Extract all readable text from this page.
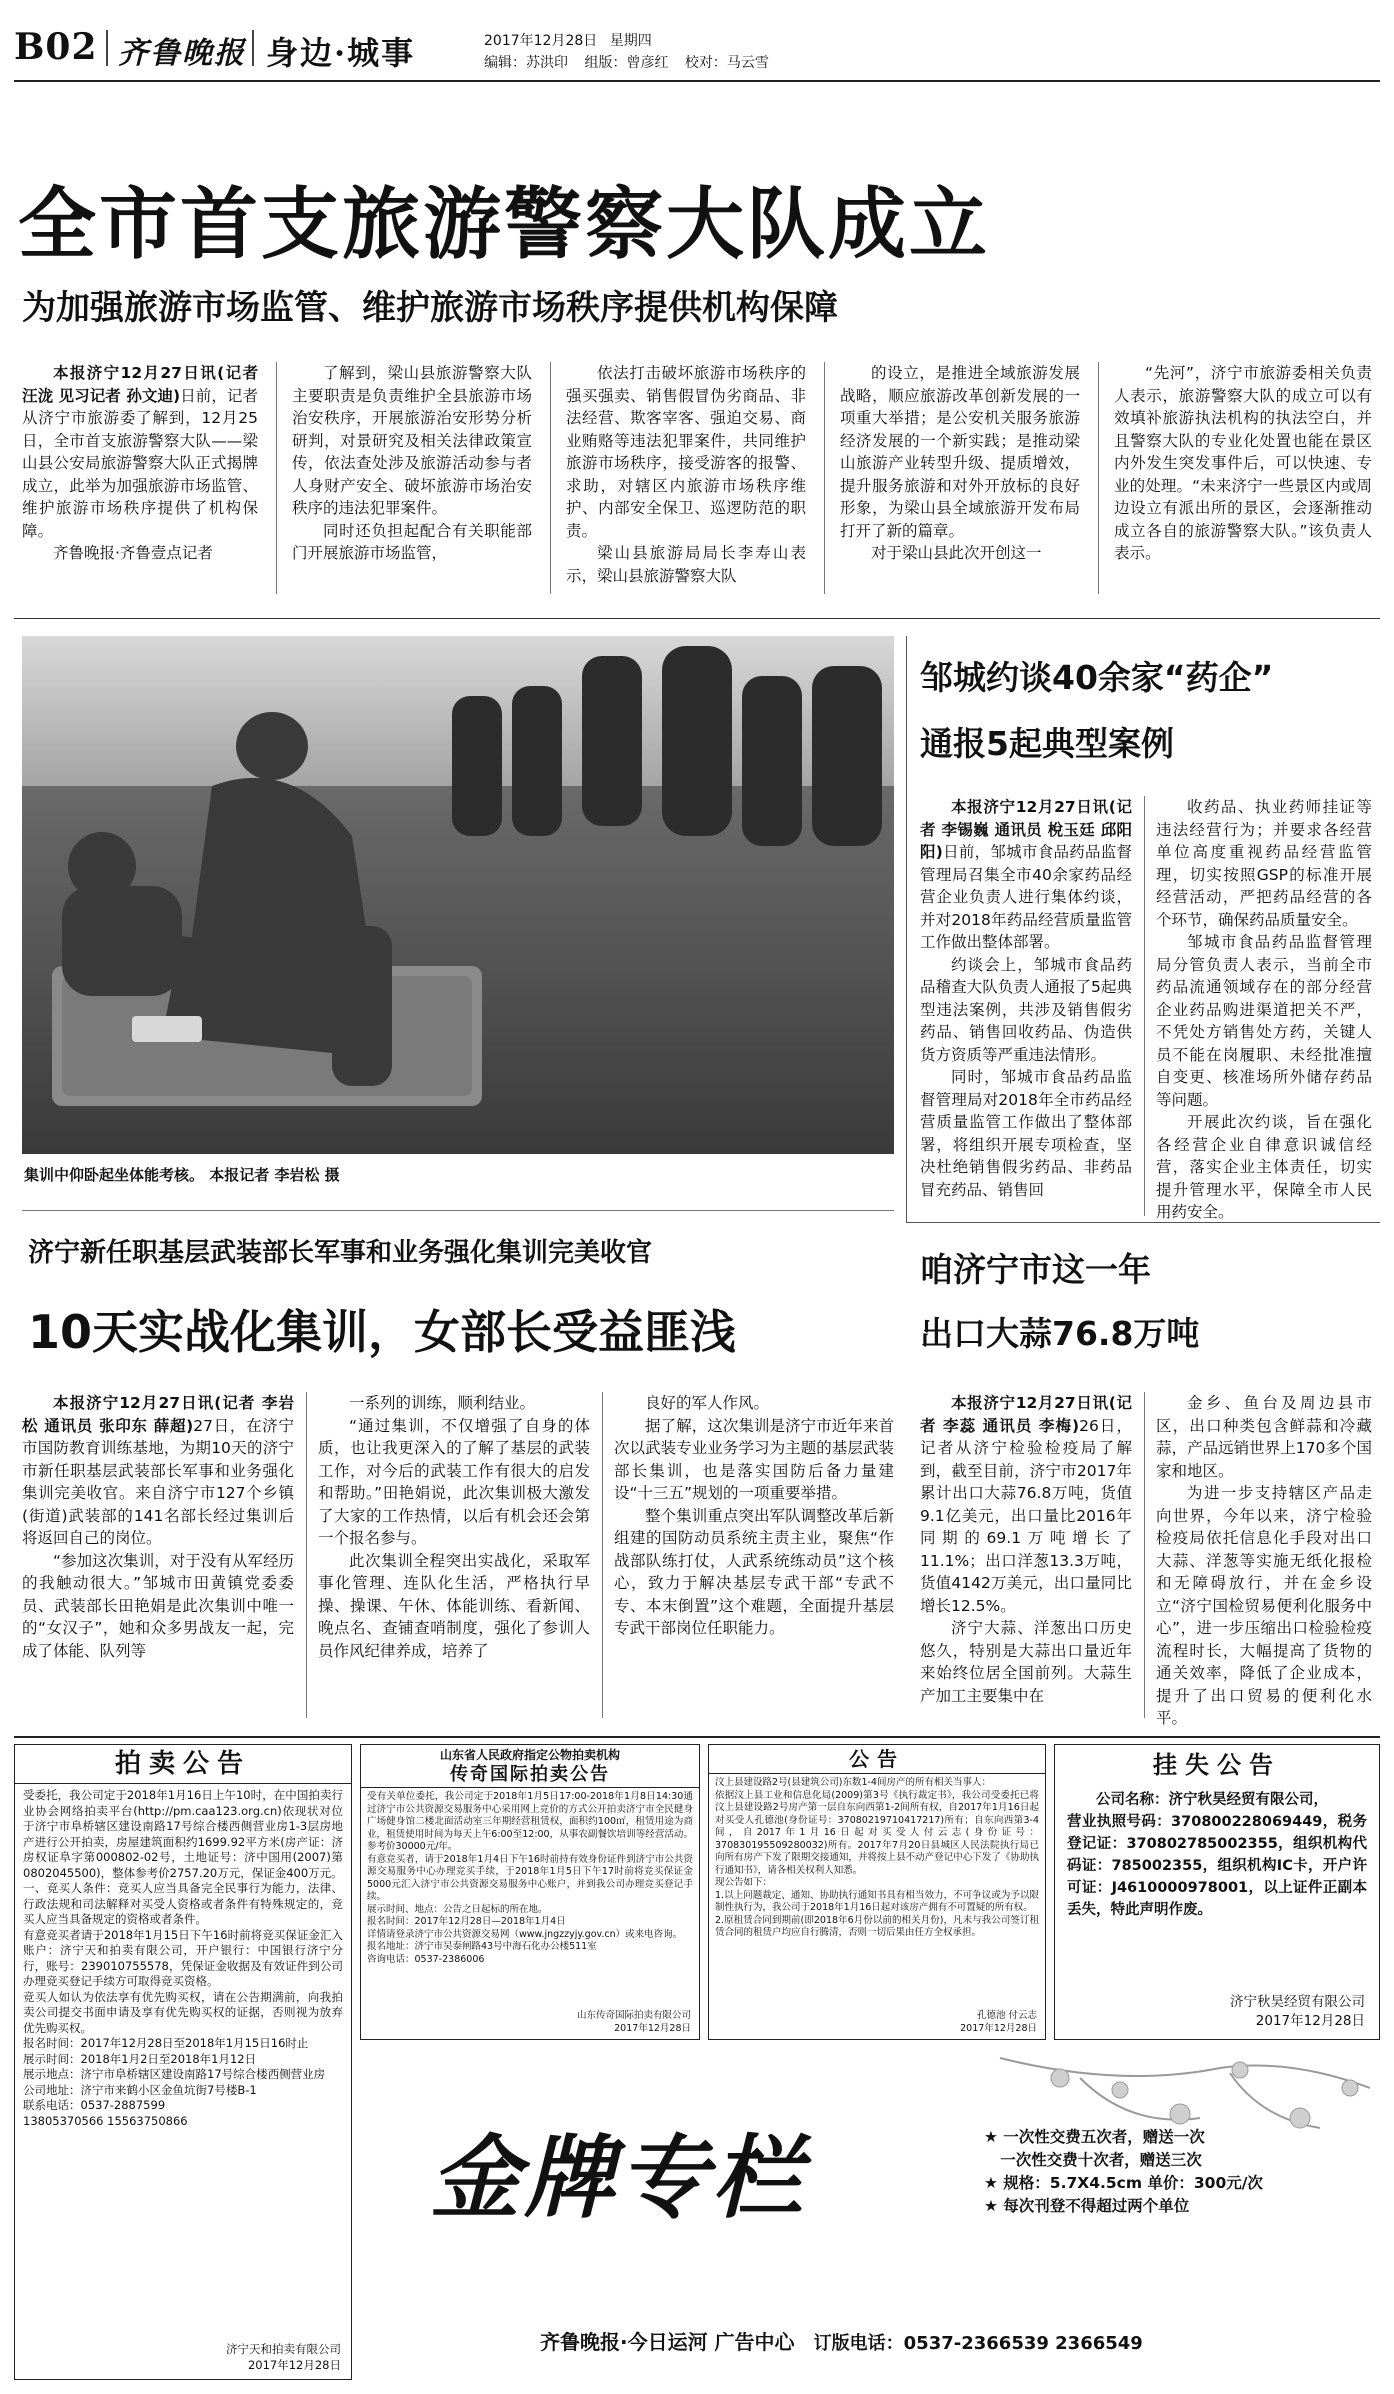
B02 齐鲁晚报 身边·城事	2017年12月28日 星期四
编辑：苏洪印 组版：曾彦红 校对：马云雪
全市首支旅游警察大队成立
为加强旅游市场监管、维护旅游市场秩序提供机构保障

本报济宁12月27日讯(记者 汪泷 见习记者 孙文迪)日前，记者从济宁市旅游委了解到，12月25日，全市首支旅游警察大队——梁山县公安局旅游警察大队正式揭牌成立，此举为加强旅游市场监管、维护旅游市场秩序提供了机构保障。

齐鲁晚报·齐鲁壹点记者

了解到，梁山县旅游警察大队主要职责是负责维护全县旅游市场治安秩序，开展旅游治安形势分析研判，对景研究及相关法律政策宣传，依法查处涉及旅游活动参与者人身财产安全、破坏旅游市场治安秩序的违法犯罪案件。

同时还负担起配合有关职能部门开展旅游市场监管，

依法打击破坏旅游市场秩序的强买强卖、销售假冒伪劣商品、非法经营、欺客宰客、强迫交易、商业贿赂等违法犯罪案件，共同维护旅游市场秩序，接受游客的报警、求助，对辖区内旅游市场秩序维护、内部安全保卫、巡逻防范的职责。

梁山县旅游局局长李寿山表示，梁山县旅游警察大队

的设立，是推进全域旅游发展战略，顺应旅游改革创新发展的一项重大举措；是公安机关服务旅游经济发展的一个新实践；是推动梁山旅游产业转型升级、提质增效，提升服务旅游和对外开放标的良好形象，为梁山县全域旅游开发布局打开了新的篇章。

对于梁山县此次开创这一

“先河”，济宁市旅游委相关负责人表示，旅游警察大队的成立可以有效填补旅游执法机构的执法空白，并且警察大队的专业化处置也能在景区内外发生突发事件后，可以快速、专业的处理。“未来济宁一些景区内或周边设立有派出所的景区，会逐渐推动成立各自的旅游警察大队。”该负责人表示。

集训中仰卧起坐体能考核。 本报记者 李岩松 摄
邹城约谈40余家“药企”
通报5起典型案例

本报济宁12月27日讯(记者 李锡巍 通讯员 梲玉廷 邱阳阳)日前，邹城市食品药品监督管理局召集全市40余家药品经营企业负责人进行集体约谈，并对2018年药品经营质量监管工作做出整体部署。

约谈会上，邹城市食品药品稽查大队负责人通报了5起典型违法案例，共涉及销售假劣药品、销售回收药品、伪造供货方资质等严重违法情形。

同时，邹城市食品药品监督管理局对2018年全市药品经营质量监管工作做出了整体部署，将组织开展专项检查，坚决杜绝销售假劣药品、非药品冒充药品、销售回

收药品、执业药师挂证等违法经营行为；并要求各经营单位高度重视药品经营监管理，切实按照GSP的标准开展经营活动，严把药品经营的各个环节，确保药品质量安全。

邹城市食品药品监督管理局分管负责人表示，当前全市药品流通领域存在的部分经营企业药品购进渠道把关不严，不凭处方销售处方药，关键人员不能在岗履职、未经批准擅自变更、核准场所外储存药品等问题。

开展此次约谈，旨在强化各经营企业自律意识诚信经营，落实企业主体责任，切实提升管理水平，保障全市人民用药安全。

济宁新任职基层武装部长军事和业务强化集训完美收官
10天实战化集训，女部长受益匪浅

本报济宁12月27日讯(记者 李岩松 通讯员 张印东 薛超)27日，在济宁市国防教育训练基地，为期10天的济宁市新任职基层武装部长军事和业务强化集训完美收官。来自济宁市127个乡镇(街道)武装部的141名部长经过集训后将返回自己的岗位。

“参加这次集训，对于没有从军经历的我触动很大。”邹城市田黄镇党委委员、武装部长田艳娟是此次集训中唯一的“女汉子”，她和众多男战友一起，完成了体能、队列等

一系列的训练，顺利结业。

“通过集训，不仅增强了自身的体质，也让我更深入的了解了基层的武装工作，对今后的武装工作有很大的启发和帮助。”田艳娟说，此次集训极大激发了大家的工作热情，以后有机会还会第一个报名参与。

此次集训全程突出实战化，采取军事化管理、连队化生活，严格执行早操、操课、午休、体能训练、看新闻、晚点名、查铺查哨制度，强化了参训人员作风纪律养成，培养了

良好的军人作风。

据了解，这次集训是济宁市近年来首次以武装专业业务学习为主题的基层武装部长集训，也是落实国防后备力量建设“十三五”规划的一项重要举措。

整个集训重点突出军队调整改革后新组建的国防动员系统主责主业，聚焦“作战部队练打仗，人武系统练动员”这个核心，致力于解决基层专武干部“专武不专、本末倒置”这个难题，全面提升基层专武干部岗位任职能力。

咱济宁市这一年
出口大蒜76.8万吨

本报济宁12月27日讯(记者 李蕊 通讯员 李梅)26日，记者从济宁检验检疫局了解到，截至目前，济宁市2017年累计出口大蒜76.8万吨，货值9.1亿美元，出口量比2016年同期的69.1万吨增长了11.1%；出口洋葱13.3万吨，货值4142万美元，出口量同比增长12.5%。

济宁大蒜、洋葱出口历史悠久，特别是大蒜出口量近年来始终位居全国前列。大蒜生产加工主要集中在

金乡、鱼台及周边县市区，出口种类包含鲜蒜和冷藏蒜，产品远销世界上170多个国家和地区。

为进一步支持辖区产品走向世界，今年以来，济宁检验检疫局依托信息化手段对出口大蒜、洋葱等实施无纸化报检和无障碍放行，并在金乡设立“济宁国检贸易便利化服务中心”，进一步压缩出口检验检疫流程时长，大幅提高了货物的通关效率，降低了企业成本，提升了出口贸易的便利化水平。

拍卖公告
受委托，我公司定于2018年1月16日上午10时，在中国拍卖行业协会网络拍卖平台(http://pm.caa123.org.cn)依现状对位于济宁市阜桥辖区建设南路17号综合楼西侧营业房1-3层房地产进行公开拍卖，房屋建筑面积约1699.92平方米(房产证：济房权证阜字第000802-02号，土地证号：济中国用(2007)第0802045500)，整体参考价2757.20万元，保证金400万元。
一、竞买人条件：竞买人应当具备完全民事行为能力，法律、行政法规和司法解释对买受人资格或者条件有特殊规定的，竞买人应当具备规定的资格或者条件。
有意竞买者请于2018年1月15日下午16时前将竞买保证金汇入账户：济宁天和拍卖有限公司，开户银行：中国银行济宁分行，账号：239010755578，凭保证金收据及有效证件到公司办理竞买登记手续方可取得竞买资格。
竞买人如认为依法享有优先购买权，请在公告期满前，向我拍卖公司提交书面申请及享有优先购买权的证据，否则视为放弃优先购买权。
报名时间：2017年12月28日至2018年1月15日16时止
展示时间：2018年1月2日至2018年1月12日
展示地点：济宁市阜桥辖区建设南路17号综合楼西侧营业房
公司地址：济宁市来鹤小区金鱼坑街7号楼B-1
联系电话：0537-2887599
13805370566 15563750866
济宁天和拍卖有限公司
2017年12月28日
山东省人民政府指定公物拍卖机构
传奇国际拍卖公告
受有关单位委托，我公司定于2018年1月5日17:00-2018年1月8日14:30通过济宁市公共资源交易服务中心采用网上竞价的方式公开拍卖济宁市全民健身广场健身馆二楼北面活动室三年期经营租赁权，面积约100㎡，租赁用途为商业，租赁使用时间为每天上午6:00至12:00，从事农副餐饮培训等经营活动。参考价30000元/年。
有意竞买者，请于2018年1月4日下午16时前持有效身份证件到济宁市公共资源交易服务中心办理竞买手续，于2018年1月5日下午17时前将竞买保证金5000元汇入济宁市公共资源交易服务中心账户，并到我公司办理竞买登记手续。
展示时间、地点：公告之日起标的所在地。
报名时间：2017年12月28日—2018年1月4日
详情请登录济宁市公共资源交易网（www.jngzzyjy.gov.cn）或来电咨询。
报名地址：济宁市吴泰闸路43号中海石化办公楼511室
咨询电话：0537-2386006
山东传奇国际拍卖有限公司
2017年12月28日
公告
汶上县建设路2号(县建筑公司)东数1-4间房产的所有相关当事人：
依据汶上县工业和信息化局(2009)第3号《执行裁定书》，我公司受委托已将汶上县建设路2号房产第一层自东向西第1-2间所有权，自2017年1月16日起对买受人孔德池(身份证号：37080219710417217)所有；自东向西第3-4间，自2017年1月16日起对买受人付云志(身份证号：370830195509280032)所有。2017年7月20日县城区人民法院执行局已向所有房产下发了限期交接通知，并将按上县不动产登记中心下发了《协助执行通知书》，请各相关权利人知悉。
现公告如下：
1.以上问题裁定、通知、协助执行通知书具有相当效力，不可争议或为予以限制性执行为，我公司于2018年1月16日起对该房产拥有不可置疑的所有权。
2.原租赁合同到期前(即2018年6月份以前的相关月份)，凡未与我公司签订租赁合同的租赁户均应自行腾清，否则一切后果由任方全权承担。
孔德池 付云志
2017年12月28日
挂失公告
公司名称：济宁秋昊经贸有限公司，
营业执照号码：370800228069449，税务登记证：370802785002355，组织机构代码证：785002355，组织机构IC卡，开户许可证：J4610000978001，以上证件正副本丢失，特此声明作废。
济宁秋昊经贸有限公司
2017年12月28日
金牌专栏	★ 一次性交费五次者，赠送一次
一次性交费十次者，赠送三次
★ 规格：5.7X4.5cm 单价：300元/次
★ 每次刊登不得超过两个单位
齐鲁晚报·今日运河 广告中心 订版电话：0537-2366539 2366549
